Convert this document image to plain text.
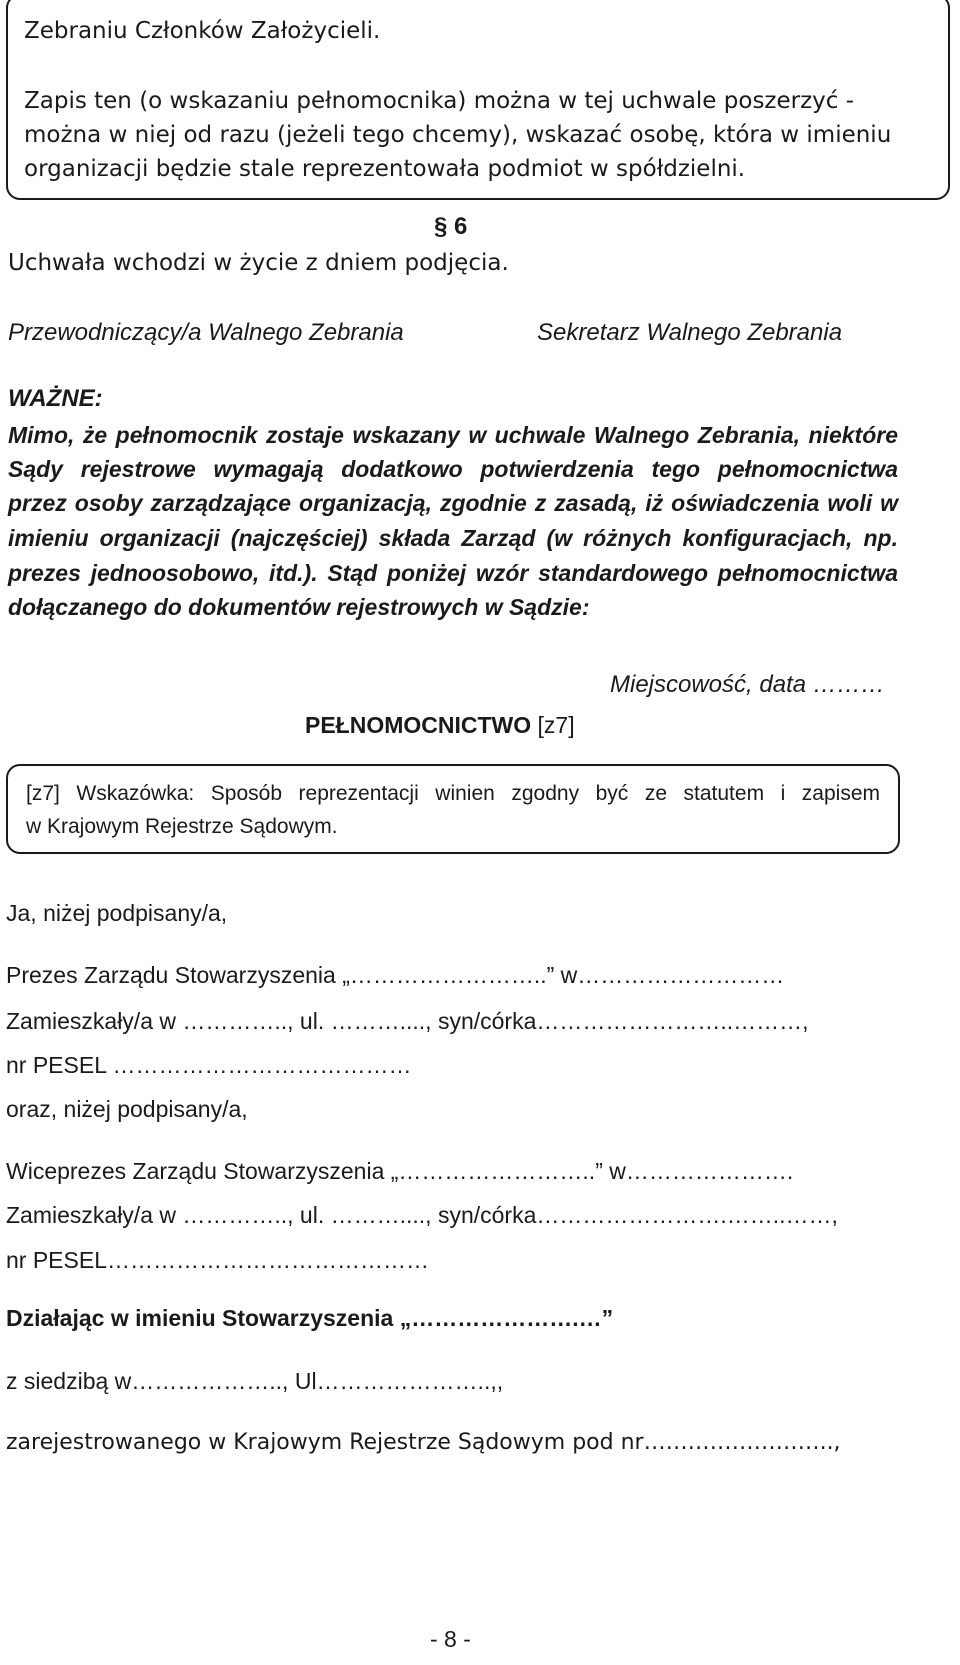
Zebraniu Członków Założycieli.
Zapis ten (o wskazaniu pełnomocnika) można w tej uchwale poszerzyć -
można w niej od razu (jeżeli tego chcemy), wskazać osobę, która w imieniu
organizacji będzie stale reprezentowała podmiot w spółdzielni.
§ 6
Uchwała wchodzi w życie z dniem podjęcia.
Przewodniczący/a Walnego Zebrania	Sekretarz Walnego Zebrania
WAŻNE:
Mimo, że pełnomocnik zostaje wskazany w uchwale Walnego Zebrania, niektóre
Sądy rejestrowe wymagają dodatkowo potwierdzenia tego pełnomocnictwa
przez osoby zarządzające organizacją, zgodnie z zasadą, iż oświadczenia woli w
imieniu organizacji (najczęściej) składa Zarząd (w różnych konfiguracjach, np.
prezes jednoosobowo, itd.). Stąd poniżej wzór standardowego pełnomocnictwa
dołączanego do dokumentów rejestrowych w Sądzie:
Miejscowość, data ………
PEŁNOMOCNICTWO [z7]
[z7] Wskazówka: Sposób reprezentacji winien zgodny być ze statutem i zapisem
w Krajowym Rejestrze Sądowym.
Ja, niżej podpisany/a,
Prezes Zarządu Stowarzyszenia „……………………..” w………………………
Zamieszkały/a w ………….., ul. ………...., syn/córka……………………..………,
nr PESEL …………………………………
oraz, niżej podpisany/a,
Wiceprezes Zarządu Stowarzyszenia „……………………..” w………………….
Zamieszkały/a w ………….., ul. ………...., syn/córka…………………….……..……,
nr PESEL……………………………………
Działając w imieniu Stowarzyszenia „………………….…”
z siedzibą w……………….., Ul…………………..,,
zarejestrowanego w Krajowym Rejestrze Sądowym pod nr……………………..,
- 8 -
